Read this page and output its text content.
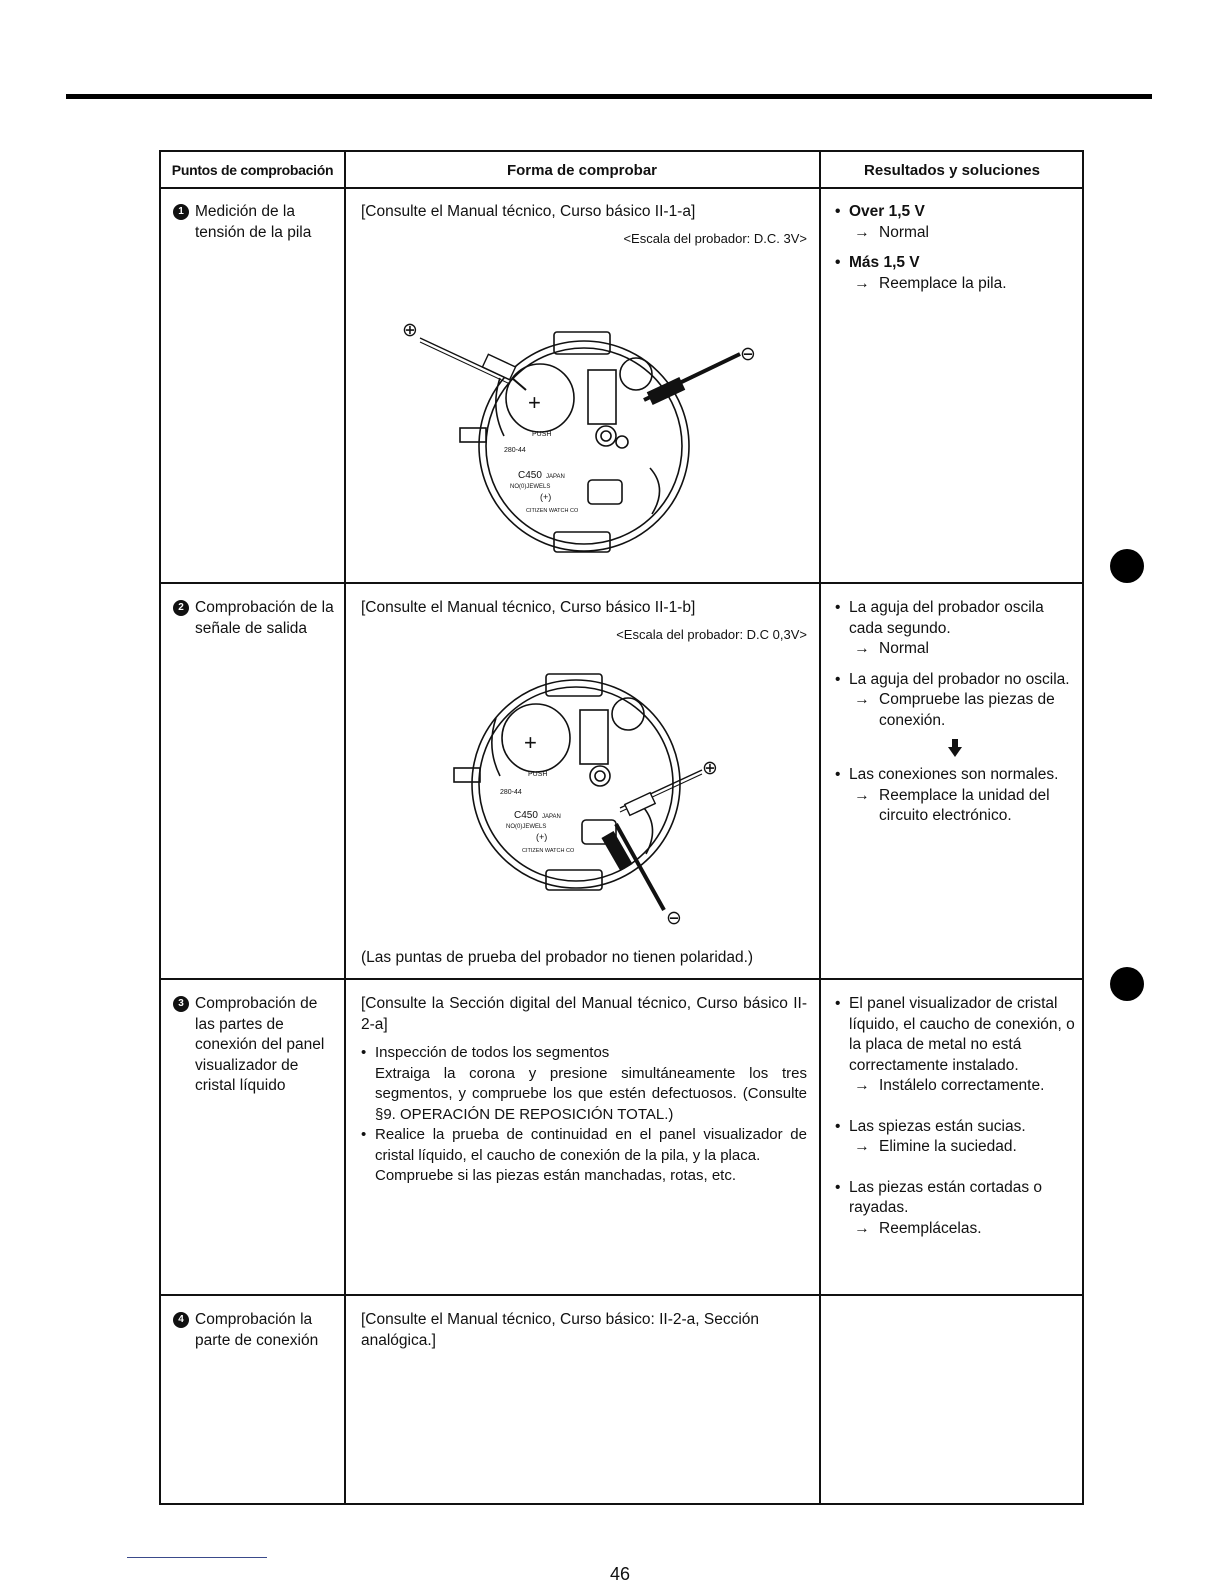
Puntos de comprobación	Forma de comprobar	Resultados y soluciones
1 Medición de la tensión de la pila
[Consulte el Manual técnico, Curso básico II-1-a]
<Escala del probador: D.C. 3V>
• Over 1,5 V
→ Normal
• Más 1,5 V
→ Reemplace la pila.
2 Comprobación de la señale de salida
[Consulte el Manual técnico, Curso básico II-1-b]
<Escala del probador: D.C 0,3V>
(Las puntas de prueba del probador no tienen polaridad.)
• La aguja del probador oscila cada segundo.
→ Normal
• La aguja del probador no oscila.
→ Compruebe las piezas de conexión.
• Las conexiones son normales.
→ Reemplace la unidad del circuito electrónico.
3 Comprobación de las partes de conexión del panel visualizador de cristal líquido
[Consulte la Sección digital del Manual técnico, Curso básico II-2-a]
• Inspección de todos los segmentos
Extraiga la corona y presione simultáneamente los tres segmentos, y compruebe los que estén defectuosos. (Consulte §9. OPERACIÓN DE REPOSICIÓN TOTAL.)
• Realice la prueba de continuidad en el panel visualizador de cristal líquido, el caucho de conexión de la pila, y la placa.
Compruebe si las piezas están manchadas, rotas, etc.
• El panel visualizador de cristal líquido, el caucho de conexión, o la placa de metal no está correctamente instalado.
→ Instálelo correctamente.
• Las spiezas están sucias.
→ Elimine la suciedad.
• Las piezas están cortadas o rayadas.
→ Reemplácelas.
4 Comprobación la parte de conexión
[Consulte el Manual técnico, Curso básico: II-2-a, Sección analógica.]
+
PUSH
280-44
C450 JAPAN
NO(0)JEWELS
(+)
CITIZEN WATCH CO
⊕
⊖
+
PUSH
280-44
C450 JAPAN
NO(0)JEWELS
(+)
CITIZEN WATCH CO
⊕
⊖
46
